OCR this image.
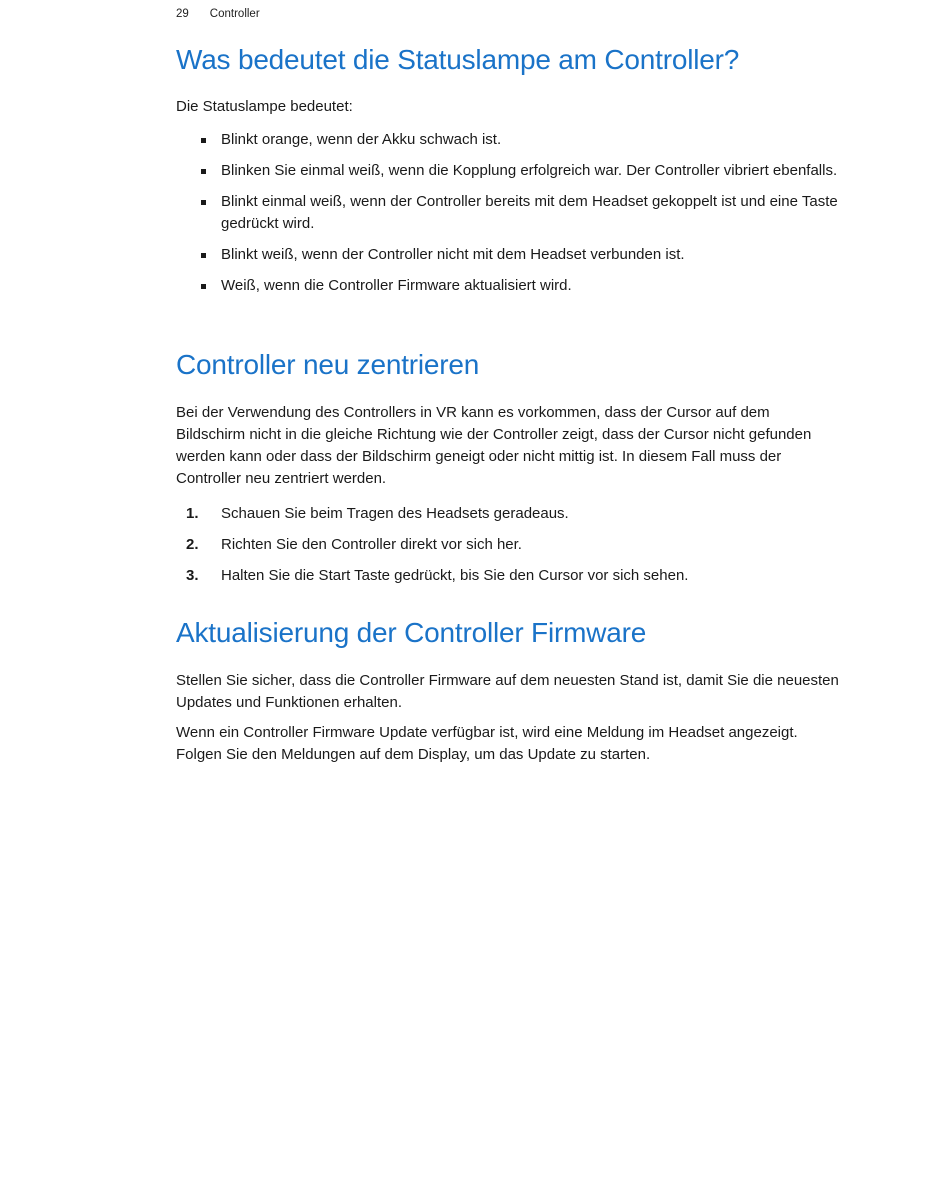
29 Controller
Was bedeutet die Statuslampe am Controller?

Die Statuslampe bedeutet:

Blinkt orange, wenn der Akku schwach ist.
Blinken Sie einmal weiß, wenn die Kopplung erfolgreich war. Der Controller vibriert ebenfalls.
Blinkt einmal weiß, wenn der Controller bereits mit dem Headset gekoppelt ist und eine Taste gedrückt wird.
Blinkt weiß, wenn der Controller nicht mit dem Headset verbunden ist.
Weiß, wenn die Controller Firmware aktualisiert wird.
Controller neu zentrieren

Bei der Verwendung des Controllers in VR kann es vorkommen, dass der Cursor auf dem Bildschirm nicht in die gleiche Richtung wie der Controller zeigt, dass der Cursor nicht gefunden werden kann oder dass der Bildschirm geneigt oder nicht mittig ist. In diesem Fall muss der Controller neu zentriert werden.

1. Schauen Sie beim Tragen des Headsets geradeaus.
2. Richten Sie den Controller direkt vor sich her.
3. Halten Sie die Start Taste gedrückt, bis Sie den Cursor vor sich sehen.
Aktualisierung der Controller Firmware

Stellen Sie sicher, dass die Controller Firmware auf dem neuesten Stand ist, damit Sie die neuesten Updates und Funktionen erhalten.

Wenn ein Controller Firmware Update verfügbar ist, wird eine Meldung im Headset angezeigt. Folgen Sie den Meldungen auf dem Display, um das Update zu starten.
